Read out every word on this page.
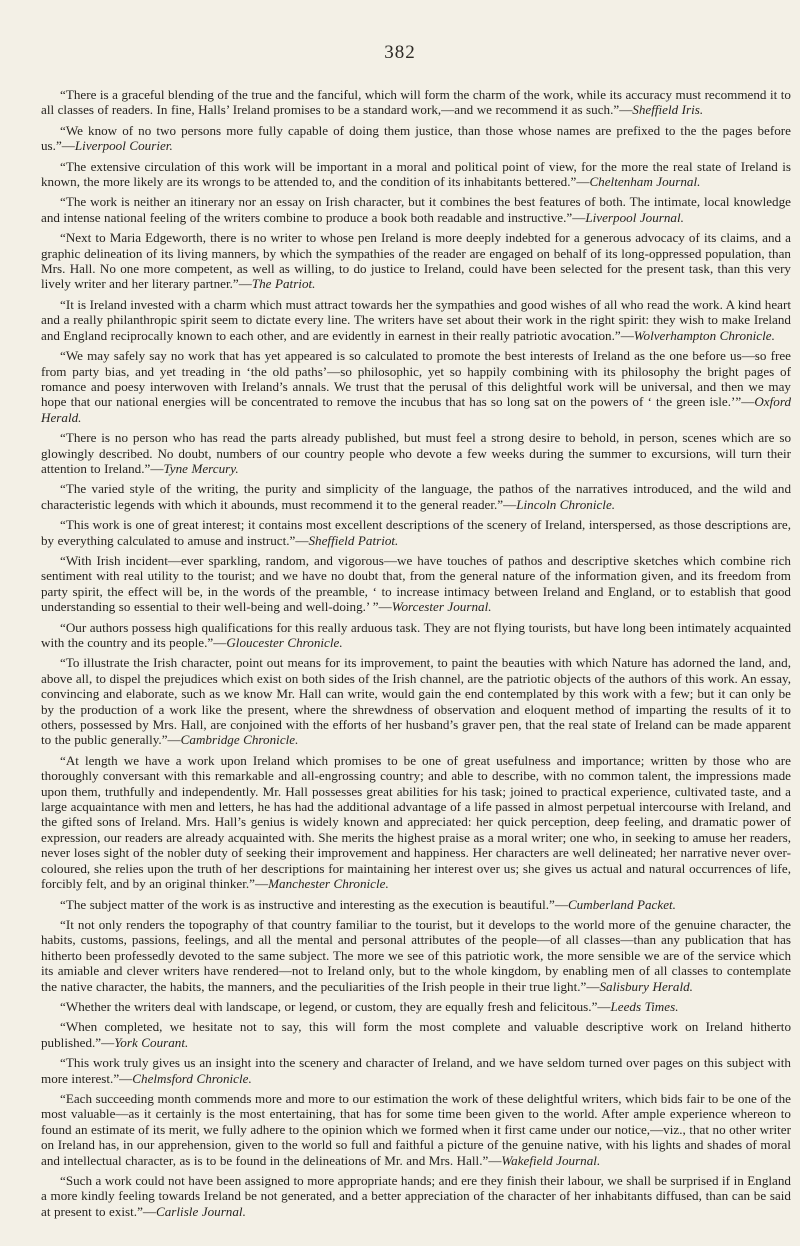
382

“There is a graceful blending of the true and the fanciful, which will form the charm of the work, while its accuracy must recommend it to all classes of readers. In fine, Halls’ Ireland promises to be a standard work,—and we recommend it as such.”—Sheffield Iris.

“We know of no two persons more fully capable of doing them justice, than those whose names are prefixed to the the pages before us.”—Liverpool Courier.

“The extensive circulation of this work will be important in a moral and political point of view, for the more the real state of Ireland is known, the more likely are its wrongs to be attended to, and the condition of its inhabitants bettered.”—Cheltenham Journal.

“The work is neither an itinerary nor an essay on Irish character, but it combines the best features of both. The intimate, local knowledge and intense national feeling of the writers combine to produce a book both readable and instructive.”—Liverpool Journal.

“Next to Maria Edgeworth, there is no writer to whose pen Ireland is more deeply indebted for a generous advocacy of its claims, and a graphic delineation of its living manners, by which the sympathies of the reader are engaged on behalf of its long-oppressed population, than Mrs. Hall. No one more competent, as well as willing, to do justice to Ireland, could have been selected for the present task, than this very lively writer and her literary partner.”—The Patriot.

“It is Ireland invested with a charm which must attract towards her the sympathies and good wishes of all who read the work. A kind heart and a really philanthropic spirit seem to dictate every line. The writers have set about their work in the right spirit: they wish to make Ireland and England reciprocally known to each other, and are evidently in earnest in their really patriotic avocation.”—Wolverhampton Chronicle.

“We may safely say no work that has yet appeared is so calculated to promote the best interests of Ireland as the one before us—so free from party bias, and yet treading in ‘the old paths’—so philosophic, yet so happily combining with its philosophy the bright pages of romance and poesy interwoven with Ireland’s annals. We trust that the perusal of this delightful work will be universal, and then we may hope that our national energies will be concentrated to remove the incubus that has so long sat on the powers of ‘ the green isle.’”—Oxford Herald.

“There is no person who has read the parts already published, but must feel a strong desire to behold, in person, scenes which are so glowingly described. No doubt, numbers of our country people who devote a few weeks during the summer to excursions, will turn their attention to Ireland.”—Tyne Mercury.

“The varied style of the writing, the purity and simplicity of the language, the pathos of the narratives introduced, and the wild and characteristic legends with which it abounds, must recommend it to the general reader.”—Lincoln Chronicle.

“This work is one of great interest; it contains most excellent descriptions of the scenery of Ireland, interspersed, as those descriptions are, by everything calculated to amuse and instruct.”—Sheffield Patriot.

“With Irish incident—ever sparkling, random, and vigorous—we have touches of pathos and descriptive sketches which combine rich sentiment with real utility to the tourist; and we have no doubt that, from the general nature of the information given, and its freedom from party spirit, the effect will be, in the words of the preamble, ‘ to increase intimacy between Ireland and England, or to establish that good understanding so essential to their well-being and well-doing.’ ”—Worcester Journal.

“Our authors possess high qualifications for this really arduous task. They are not flying tourists, but have long been intimately acquainted with the country and its people.”—Gloucester Chronicle.

“To illustrate the Irish character, point out means for its improvement, to paint the beauties with which Nature has adorned the land, and, above all, to dispel the prejudices which exist on both sides of the Irish channel, are the patriotic objects of the authors of this work. An essay, convincing and elaborate, such as we know Mr. Hall can write, would gain the end contemplated by this work with a few; but it can only be by the production of a work like the present, where the shrewdness of observation and eloquent method of imparting the results of it to others, possessed by Mrs. Hall, are conjoined with the efforts of her husband’s graver pen, that the real state of Ireland can be made apparent to the public generally.”—Cambridge Chronicle.

“At length we have a work upon Ireland which promises to be one of great usefulness and importance; written by those who are thoroughly conversant with this remarkable and all-engrossing country; and able to describe, with no common talent, the impressions made upon them, truthfully and independently. Mr. Hall possesses great abilities for his task; joined to practical experience, cultivated taste, and a large acquaintance with men and letters, he has had the additional advantage of a life passed in almost perpetual intercourse with Ireland, and the gifted sons of Ireland. Mrs. Hall’s genius is widely known and appreciated: her quick perception, deep feeling, and dramatic power of expression, our readers are already acquainted with. She merits the highest praise as a moral writer; one who, in seeking to amuse her readers, never loses sight of the nobler duty of seeking their improvement and happiness. Her characters are well delineated; her narrative never over-coloured, she relies upon the truth of her descriptions for maintaining her interest over us; she gives us actual and natural occurrences of life, forcibly felt, and by an original thinker.”—Manchester Chronicle.

“The subject matter of the work is as instructive and interesting as the execution is beautiful.”—Cumberland Packet.

“It not only renders the topography of that country familiar to the tourist, but it develops to the world more of the genuine character, the habits, customs, passions, feelings, and all the mental and personal attributes of the people—of all classes—than any publication that has hitherto been professedly devoted to the same subject. The more we see of this patriotic work, the more sensible we are of the service which its amiable and clever writers have rendered—not to Ireland only, but to the whole kingdom, by enabling men of all classes to contemplate the native character, the habits, the manners, and the peculiarities of the Irish people in their true light.”—Salisbury Herald.

“Whether the writers deal with landscape, or legend, or custom, they are equally fresh and felicitous.”—Leeds Times.

“When completed, we hesitate not to say, this will form the most complete and valuable descriptive work on Ireland hitherto published.”—York Courant.

“This work truly gives us an insight into the scenery and character of Ireland, and we have seldom turned over pages on this subject with more interest.”—Chelmsford Chronicle.

“Each succeeding month commends more and more to our estimation the work of these delightful writers, which bids fair to be one of the most valuable—as it certainly is the most entertaining, that has for some time been given to the world. After ample experience whereon to found an estimate of its merit, we fully adhere to the opinion which we formed when it first came under our notice,—viz., that no other writer on Ireland has, in our apprehension, given to the world so full and faithful a picture of the genuine native, with his lights and shades of moral and intellectual character, as is to be found in the delineations of Mr. and Mrs. Hall.”—Wakefield Journal.

“Such a work could not have been assigned to more appropriate hands; and ere they finish their labour, we shall be surprised if in England a more kindly feeling towards Ireland be not generated, and a better appreciation of the character of her inhabitants diffused, than can be said at present to exist.”—Carlisle Journal.
